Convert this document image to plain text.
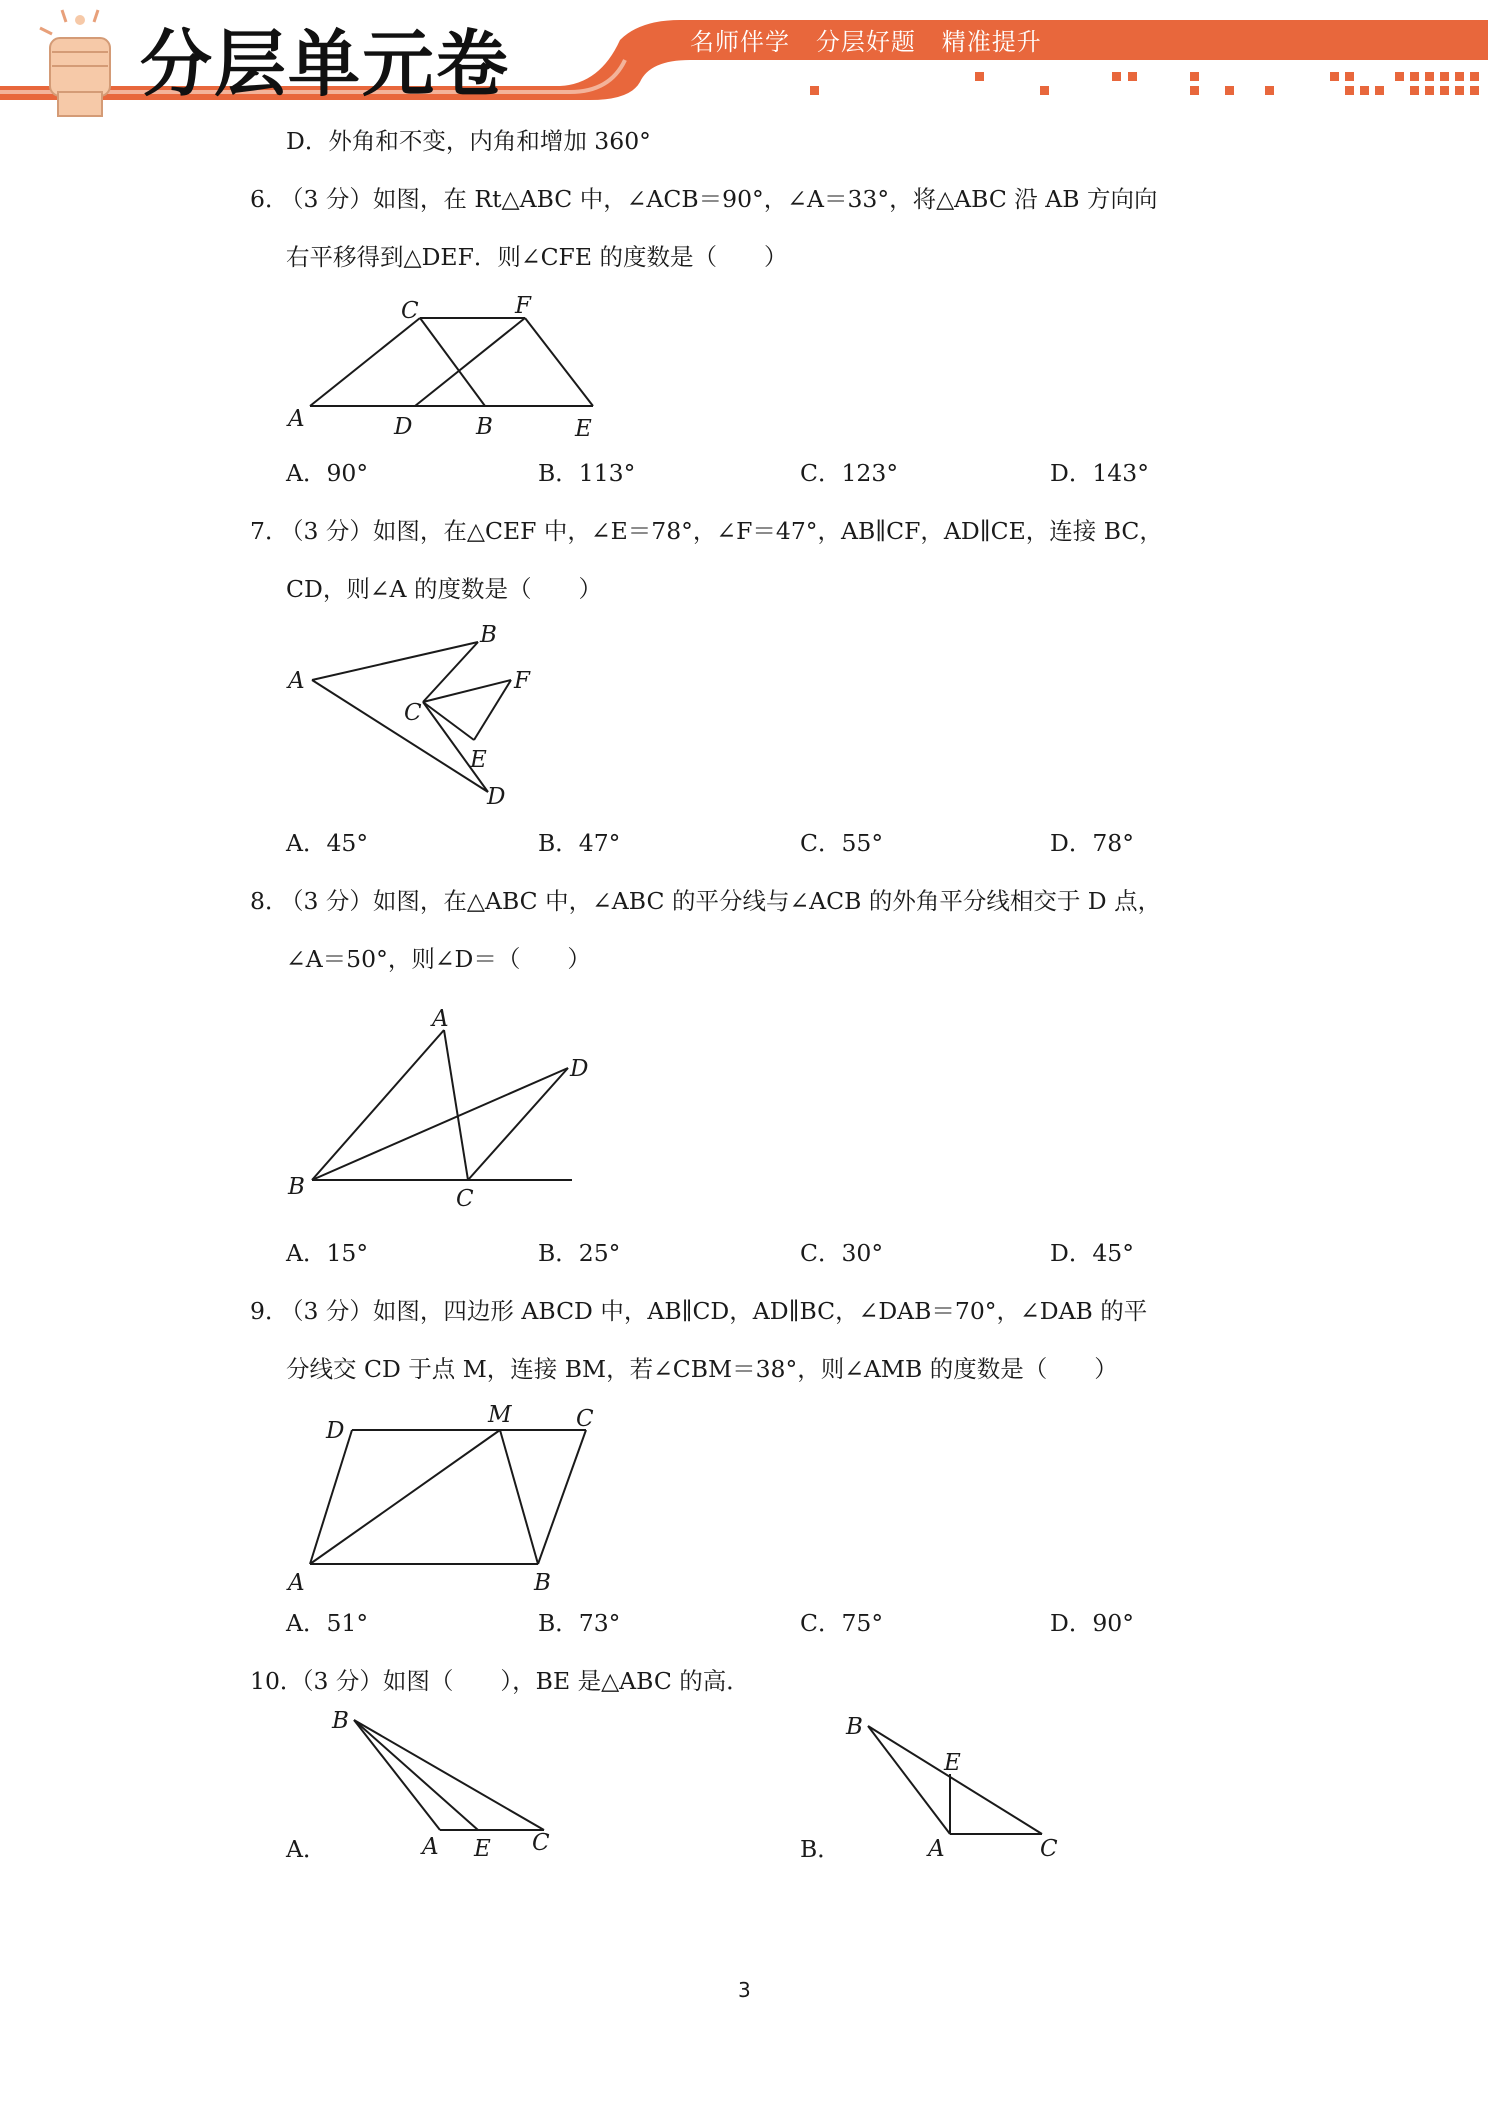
分层单元卷	名师伴学   分层好题   精准提升
D．外角和不变，内角和增加 360°
6．
（3 分）如图，在 Rt△ABC 中，∠ACB＝90°，∠A＝33°，将△ABC 沿 AB 方向向
右平移得到△DEF．则∠CFE 的度数是（　　）
C	F
A	D	B	E
A．90°	B．113°	C．123°	D．143°
7．
（3 分）如图，在△CEF 中，∠E＝78°，∠F＝47°，AB∥CF，AD∥CE，连接 BC，
CD，则∠A 的度数是（　　）
B
A
C
F
E
D
A．45°	B．47°	C．55°	D．78°
8．
（3 分）如图，在△ABC 中，∠ABC 的平分线与∠ACB 的外角平分线相交于 D 点，
∠A＝50°，则∠D＝（　　）
A
D
B	C
A．15°	B．25°	C．30°	D．45°
9．
（3 分）如图，四边形 ABCD 中，AB∥CD，AD∥BC，∠DAB＝70°，∠DAB 的平
分线交 CD 于点 M，连接 BM，若∠CBM＝38°，则∠AMB 的度数是（　　）
D
M	C
A	B
A．51°	B．73°	C．75°	D．90°
10．
（3 分）如图（　　），BE 是△ABC 的高．
A．
B
A E C	B．
B
E
A	C
3
